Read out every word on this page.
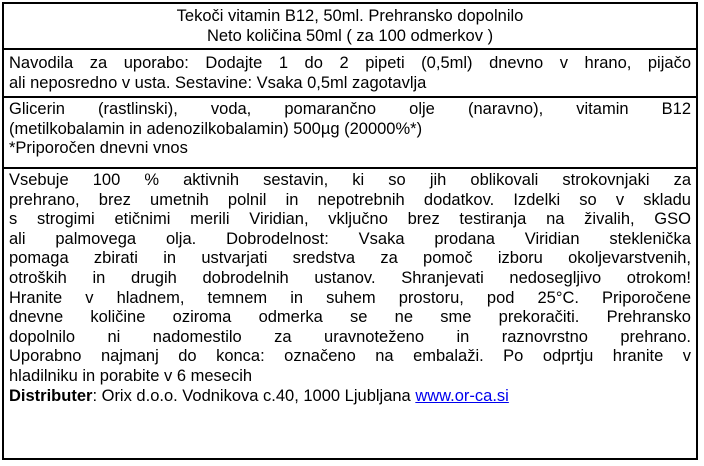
Tekoči vitamin B12, 50ml. Prehransko dopolnilo
Neto količina 50ml ( za 100 odmerkov )
Navodila za uporabo: Dodajte 1 do 2 pipeti (0,5ml) dnevno v hrano, pijačo
ali neposredno v usta. Sestavine: Vsaka 0,5ml zagotavlja
Glicerin (rastlinski), voda, pomarančno olje (naravno), vitamin B12
(metilkobalamin in adenozilkobalamin) 500µg (20000%*)
*Priporočen dnevni vnos
Vsebuje 100 % aktivnih sestavin, ki so jih oblikovali strokovnjaki za
prehrano, brez umetnih polnil in nepotrebnih dodatkov. Izdelki so v skladu
s strogimi etičnimi merili Viridian, vključno brez testiranja na živalih, GSO
ali palmovega olja. Dobrodelnost: Vsaka prodana Viridian steklenička
pomaga zbirati in ustvarjati sredstva za pomoč izboru okoljevarstvenih,
otroških in drugih dobrodelnih ustanov. Shranjevati nedosegljivo otrokom!
Hranite v hladnem, temnem in suhem prostoru, pod 25°C. Priporočene
dnevne količine oziroma odmerka se ne sme prekoračiti. Prehransko
dopolnilo ni nadomestilo za uravnoteženo in raznovrstno prehrano.
Uporabno najmanj do konca: označeno na embalaži. Po odprtju hranite v
hladilniku in porabite v 6 mesecih
Distributer: Orix d.o.o. Vodnikova c.40, 1000 Ljubljana www.or-ca.si
